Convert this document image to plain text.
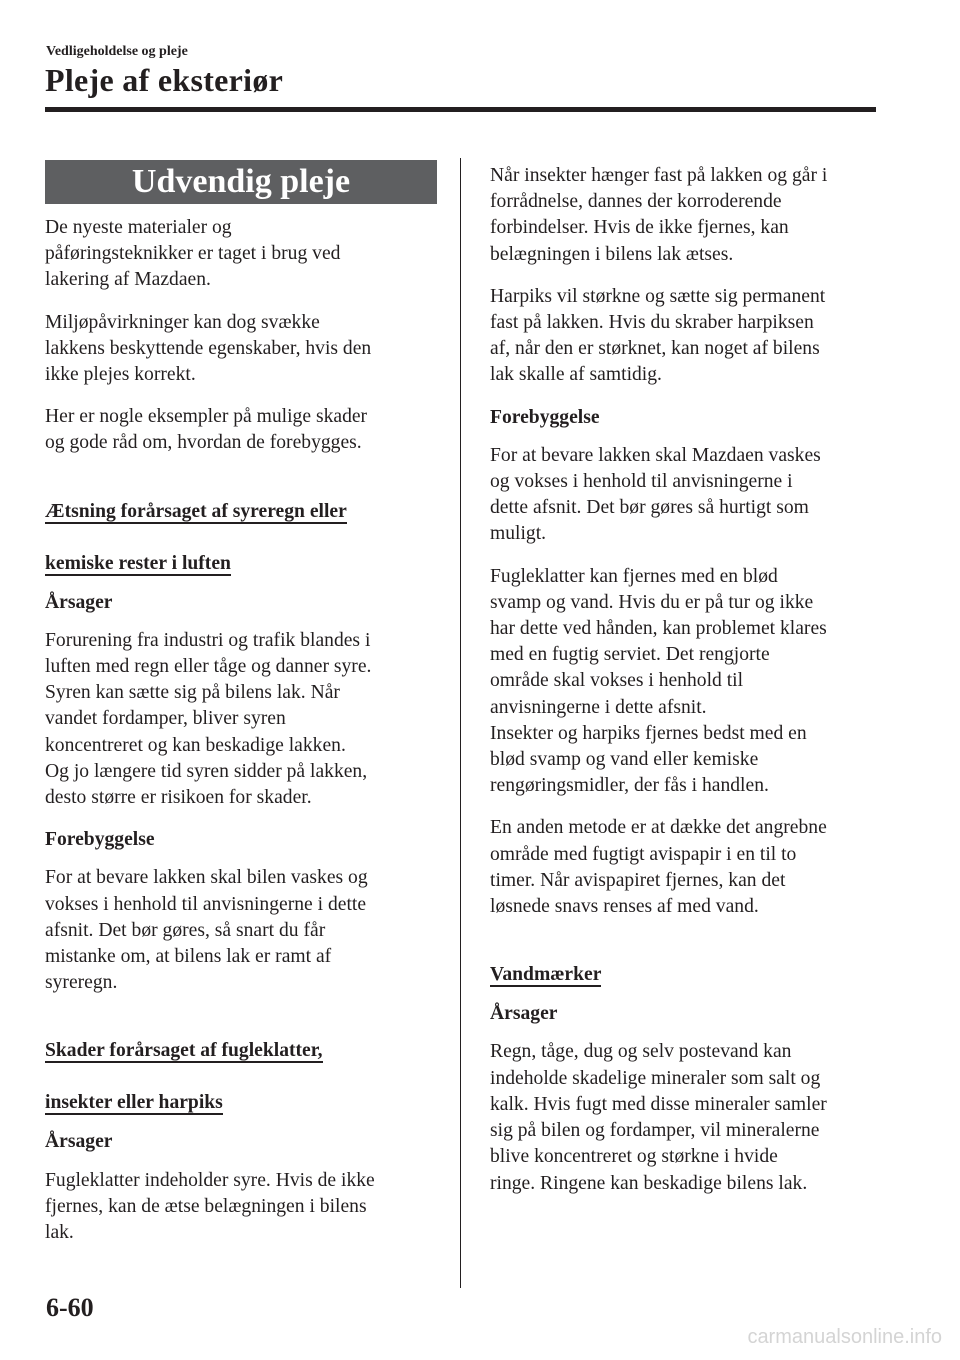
Vedligeholdelse og pleje
Pleje af eksteriør
Udvendig pleje

De nyeste materialer og
påføringsteknikker er taget i brug ved
lakering af Mazdaen.

Miljøpåvirkninger kan dog svække
lakkens beskyttende egenskaber, hvis den
ikke plejes korrekt.

Her er nogle eksempler på mulige skader
og gode råd om, hvordan de forebygges.

Ætsning forårsaget af syreregn eller

kemiske rester i luften

Årsager

Forurening fra industri og trafik blandes i
luften med regn eller tåge og danner syre.
Syren kan sætte sig på bilens lak. Når
vandet fordamper, bliver syren
koncentreret og kan beskadige lakken.
Og jo længere tid syren sidder på lakken,
desto større er risikoen for skader.

Forebyggelse

For at bevare lakken skal bilen vaskes og
vokses i henhold til anvisningerne i dette
afsnit. Det bør gøres, så snart du får
mistanke om, at bilens lak er ramt af
syreregn.

Skader forårsaget af fugleklatter,

insekter eller harpiks

Årsager

Fugleklatter indeholder syre. Hvis de ikke
fjernes, kan de ætse belægningen i bilens
lak.

Når insekter hænger fast på lakken og går i
forrådnelse, dannes der korroderende
forbindelser. Hvis de ikke fjernes, kan
belægningen i bilens lak ætses.

Harpiks vil størkne og sætte sig permanent
fast på lakken. Hvis du skraber harpiksen
af, når den er størknet, kan noget af bilens
lak skalle af samtidig.

Forebyggelse

For at bevare lakken skal Mazdaen vaskes
og vokses i henhold til anvisningerne i
dette afsnit. Det bør gøres så hurtigt som
muligt.

Fugleklatter kan fjernes med en blød
svamp og vand. Hvis du er på tur og ikke
har dette ved hånden, kan problemet klares
med en fugtig serviet. Det rengjorte
område skal vokses i henhold til
anvisningerne i dette afsnit.
Insekter og harpiks fjernes bedst med en
blød svamp og vand eller kemiske
rengøringsmidler, der fås i handlen.

En anden metode er at dække det angrebne
område med fugtigt avispapir i en til to
timer. Når avispapiret fjernes, kan det
løsnede snavs renses af med vand.

Vandmærker

Årsager

Regn, tåge, dug og selv postevand kan
indeholde skadelige mineraler som salt og
kalk. Hvis fugt med disse mineraler samler
sig på bilen og fordamper, vil mineralerne
blive koncentreret og størkne i hvide
ringe. Ringene kan beskadige bilens lak.

6-60
carmanualsonline.info
